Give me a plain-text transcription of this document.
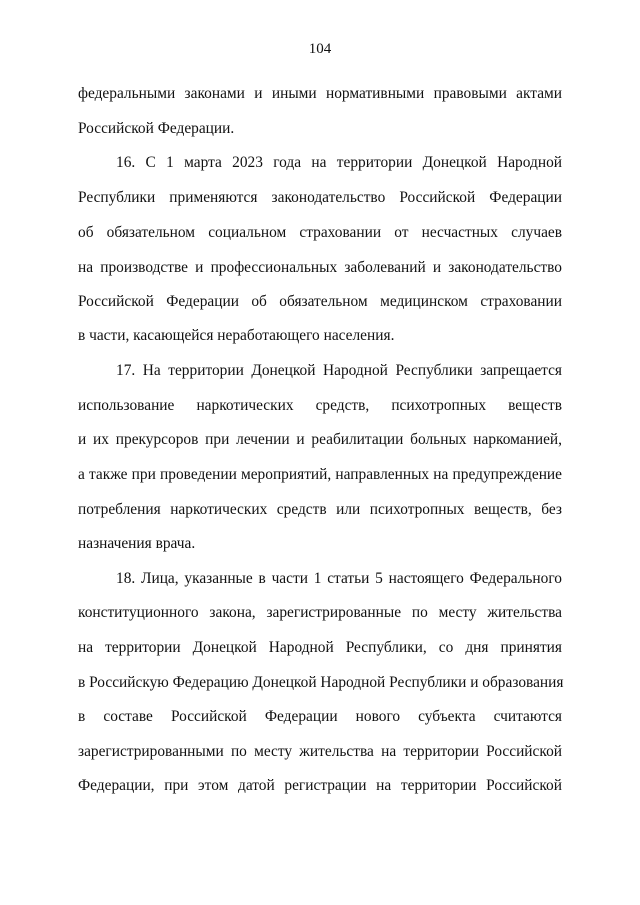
104
федеральными законами и иными нормативными правовыми актами
Российской Федерации.
16. С 1 марта 2023 года на территории Донецкой Народной
Республики применяются законодательство Российской Федерации
об обязательном социальном страховании от несчастных случаев
на производстве и профессиональных заболеваний и законодательство
Российской Федерации об обязательном медицинском страховании
в части, касающейся неработающего населения.
17. На территории Донецкой Народной Республики запрещается
использование наркотических средств, психотропных веществ
и их прекурсоров при лечении и реабилитации больных наркоманией,
а также при проведении мероприятий, направленных на предупреждение
потребления наркотических средств или психотропных веществ, без
назначения врача.
18. Лица, указанные в части 1 статьи 5 настоящего Федерального
конституционного закона, зарегистрированные по месту жительства
на территории Донецкой Народной Республики, со дня принятия
в Российскую Федерацию Донецкой Народной Республики и образования
в составе Российской Федерации нового субъекта считаются
зарегистрированными по месту жительства на территории Российской
Федерации, при этом датой регистрации на территории Российской
